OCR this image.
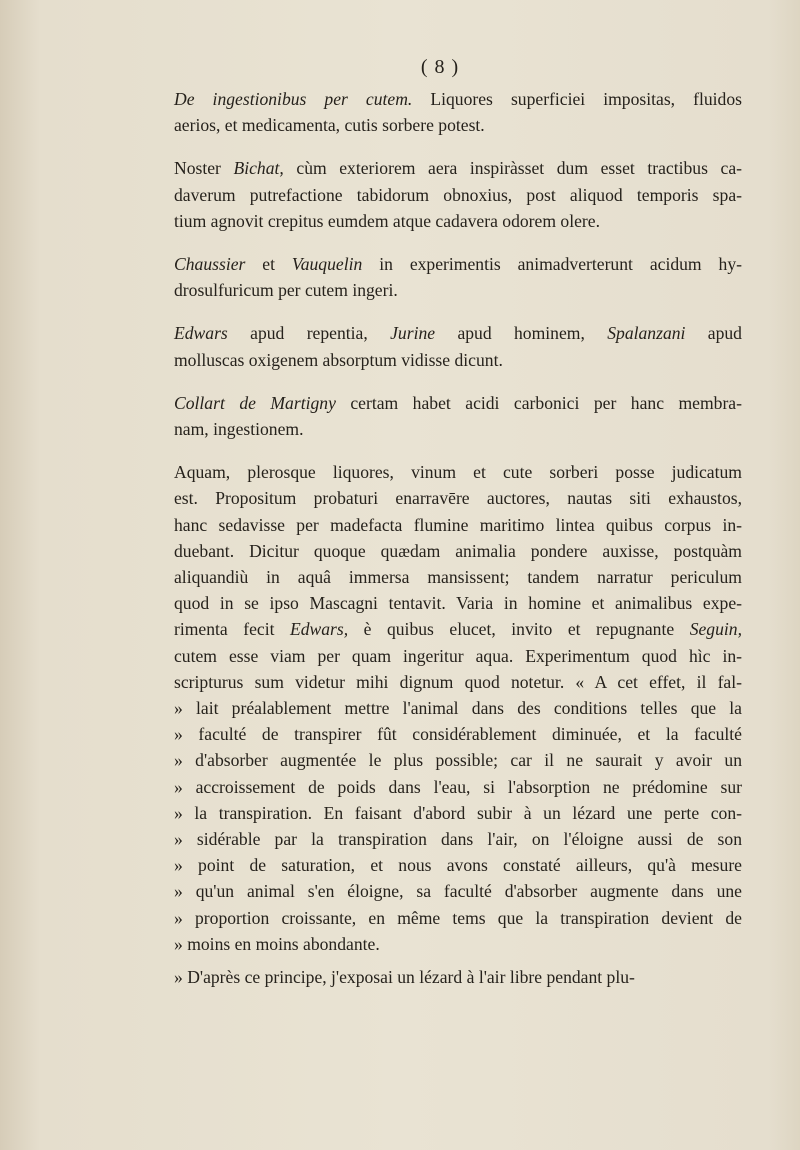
( 8 )
De ingestionibus per cutem. Liquores superficiei impositas, fluidos
aerios, et medicamenta, cutis sorbere potest.
Noster Bichat, cùm exteriorem aera inspiràsset dum esset tractibus ca-
daverum putrefactione tabidorum obnoxius, post aliquod temporis spa-
tium agnovit crepitus eumdem atque cadavera odorem olere.
Chaussier et Vauquelin in experimentis animadverterunt acidum hy-
drosulfuricum per cutem ingeri.
Edwars apud repentia, Jurine apud hominem, Spalanzani apud
molluscas oxigenem absorptum vidisse dicunt.
Collart de Martigny certam habet acidi carbonici per hanc membra-
nam, ingestionem.
Aquam, plerosque liquores, vinum et cute sorberi posse judicatum
est. Propositum probaturi enarravēre auctores, nautas siti exhaustos,
hanc sedavisse per madefacta flumine maritimo lintea quibus corpus in-
duebant. Dicitur quoque quædam animalia pondere auxisse, postquàm
aliquandiù in aquâ immersa mansissent; tandem narratur periculum
quod in se ipso Mascagni tentavit. Varia in homine et animalibus expe-
rimenta fecit Edwars, è quibus elucet, invito et repugnante Seguin,
cutem esse viam per quam ingeritur aqua. Experimentum quod hìc in-
scripturus sum videtur mihi dignum quod notetur. « A cet effet, il fal-
» lait préalablement mettre l'animal dans des conditions telles que la
» faculté de transpirer fût considérablement diminuée, et la faculté
» d'absorber augmentée le plus possible; car il ne saurait y avoir un
» accroissement de poids dans l'eau, si l'absorption ne prédomine sur
» la transpiration. En faisant d'abord subir à un lézard une perte con-
» sidérable par la transpiration dans l'air, on l'éloigne aussi de son
» point de saturation, et nous avons constaté ailleurs, qu'à mesure
» qu'un animal s'en éloigne, sa faculté d'absorber augmente dans une
» proportion croissante, en même tems que la transpiration devient de
» moins en moins abondante.
» D'après ce principe, j'exposai un lézard à l'air libre pendant plu-
